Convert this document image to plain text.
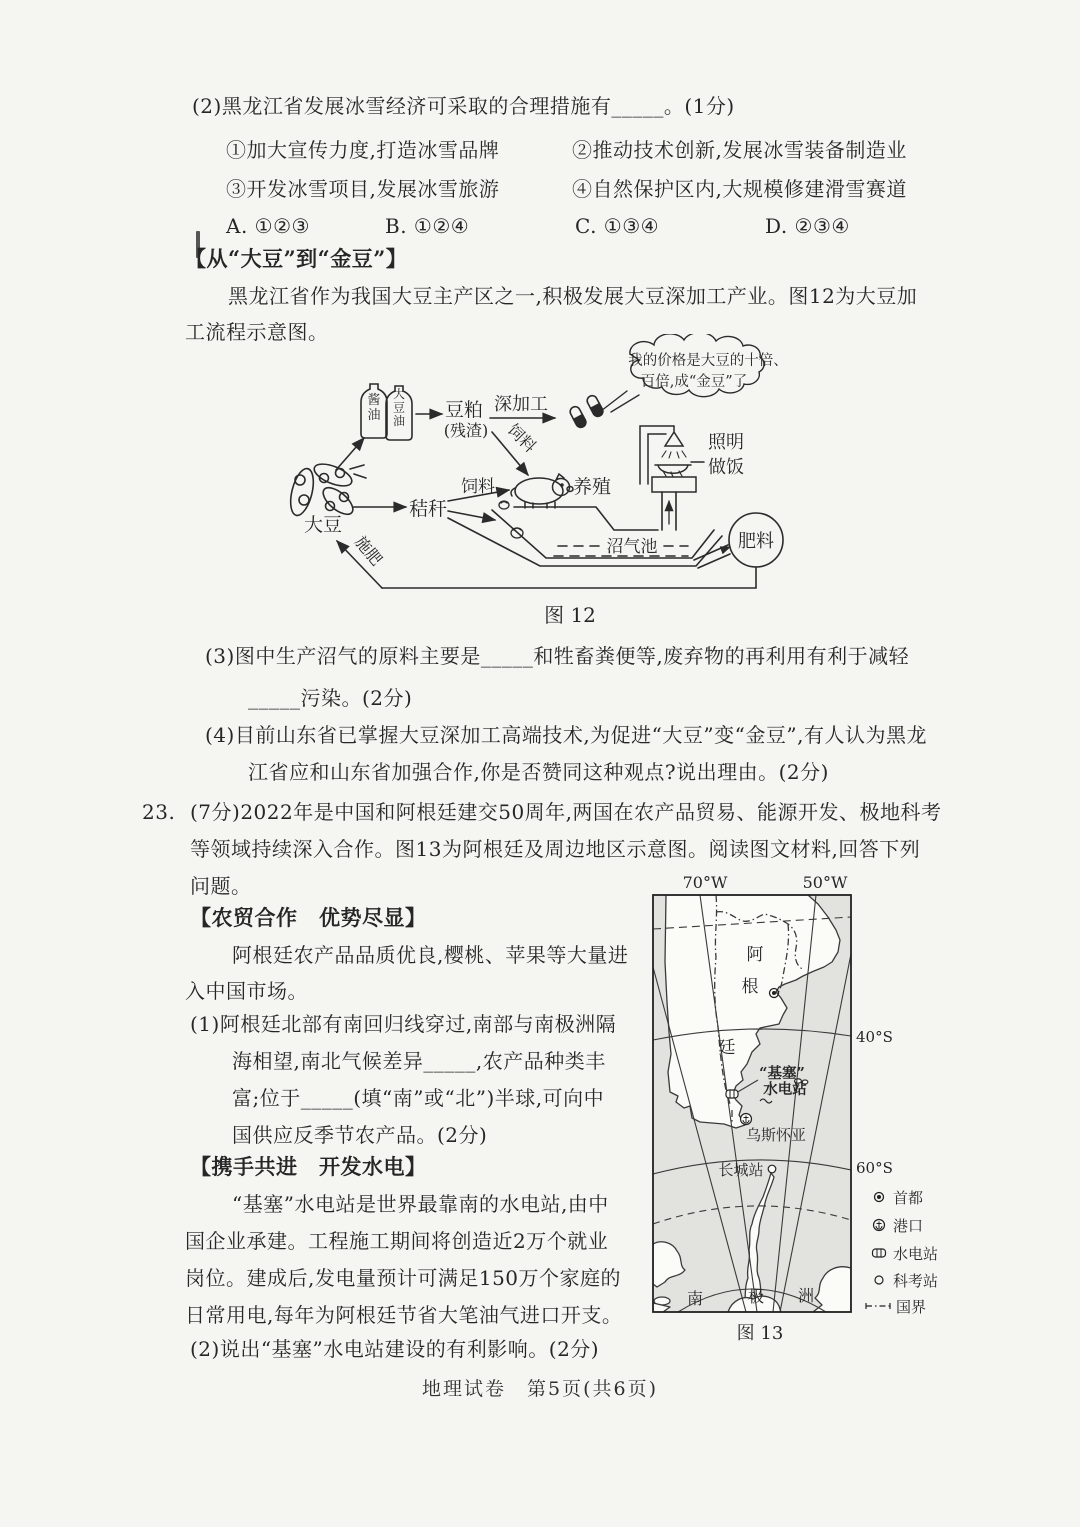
(2)黑龙江省发展冰雪经济可采取的合理措施有_____。(1分)
①加大宣传力度,打造冰雪品牌	②推动技术创新,发展冰雪装备制造业
③开发冰雪项目,发展冰雪旅游	④自然保护区内,大规模修建滑雪赛道
A. ①②③	B. ①②④	C. ①③④	D. ②③④
【从“大豆”到“金豆”】
黑龙江省作为我国大豆主产区之一,积极发展大豆深加工产业。图12为大豆加
工流程示意图。
大豆
酱油
大豆油 豆粕
(残渣)
深加工
我的价格是大豆的十倍、
百倍,成“金豆”了
饲料
饲料
秸秆
养殖
沼气池
照明
做饭
肥料
施肥
图 12
(3)图中生产沼气的原料主要是_____和牲畜粪便等,废弃物的再利用有利于减轻
_____污染。(2分)
(4)目前山东省已掌握大豆深加工高端技术,为促进“大豆”变“金豆”,有人认为黑龙
江省应和山东省加强合作,你是否赞同这种观点?说出理由。(2分)
23. (7分)2022年是中国和阿根廷建交50周年,两国在农产品贸易、能源开发、极地科考
等领域持续深入合作。图13为阿根廷及周边地区示意图。阅读图文材料,回答下列
问题。
【农贸合作　优势尽显】
阿根廷农产品品质优良,樱桃、苹果等大量进
入中国市场。
(1)阿根廷北部有南回归线穿过,南部与南极洲隔
海相望,南北气候差异_____,农产品种类丰
富;位于_____(填“南”或“北”)半球,可向中
国供应反季节农产品。(2分)
【携手共进　开发水电】
“基塞”水电站是世界最靠南的水电站,由中
国企业承建。工程施工期间将创造近2万个就业
岗位。建成后,发电量预计可满足150万个家庭的
日常用电,每年为阿根廷节省大笔油气进口开支。
(2)说出“基塞”水电站建设的有利影响。(2分)
70°W	50°W
阿
根
廷
“基塞”
水电站
乌斯怀亚
长城站
南	极 洲
40°S
60°S
首都
港口
水电站
科考站
国界
图 13
地理试卷　第5页(共6页)
